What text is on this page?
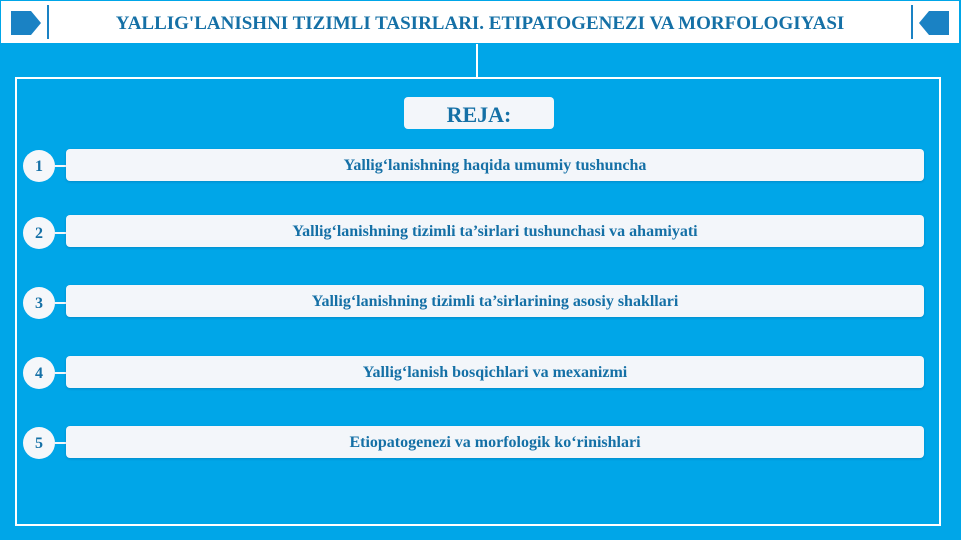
YALLIG'LANISHNI TIZIMLI TASIRLARI. ETIPATOGENEZI VA MORFOLOGIYASI
REJA:
1	Yallig‘lanishning haqida umumiy tushuncha
2	Yallig‘lanishning tizimli ta’sirlari tushunchasi va ahamiyati
3	Yallig‘lanishning tizimli ta’sirlarining asosiy shakllari
4	Yallig‘lanish bosqichlari va mexanizmi
5	Etiopatogenezi va morfologik ko‘rinishlari
